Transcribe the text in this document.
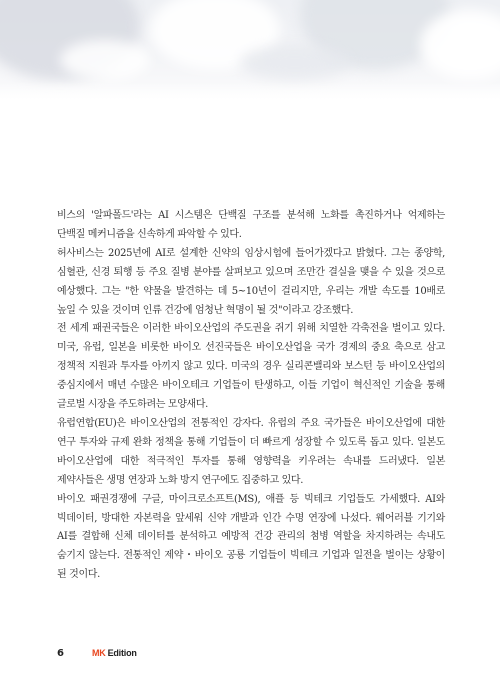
비스의 '알파폴드'라는 AI 시스템은 단백질 구조를 분석해 노화를 촉진하거나 억제하는 단백질 메커니즘을 신속하게 파악할 수 있다.

허사비스는 2025년에 AI로 설계한 신약의 임상시험에 들어가겠다고 밝혔다. 그는 종양학, 심혈관, 신경 퇴행 등 주요 질병 분야를 살펴보고 있으며 조만간 결실을 맺을 수 있을 것으로 예상했다. 그는 "한 약물을 발견하는 데 5~10년이 걸리지만, 우리는 개발 속도를 10배로 높일 수 있을 것이며 인류 건강에 엄청난 혁명이 될 것"이라고 강조했다.

전 세계 패권국들은 이러한 바이오산업의 주도권을 쥐기 위해 치열한 각축전을 벌이고 있다. 미국, 유럽, 일본을 비롯한 바이오 선진국들은 바이오산업을 국가 경제의 중요 축으로 삼고 정책적 지원과 투자를 아끼지 않고 있다. 미국의 경우 실리콘밸리와 보스턴 등 바이오산업의 중심지에서 매년 수많은 바이오테크 기업들이 탄생하고, 이들 기업이 혁신적인 기술을 통해 글로벌 시장을 주도하려는 모양새다.

유럽연합(EU)은 바이오산업의 전통적인 강자다. 유럽의 주요 국가들은 바이오산업에 대한 연구 투자와 규제 완화 정책을 통해 기업들이 더 빠르게 성장할 수 있도록 돕고 있다. 일본도 바이오산업에 대한 적극적인 투자를 통해 영향력을 키우려는 속내를 드러냈다. 일본 제약사들은 생명 연장과 노화 방지 연구에도 집중하고 있다.

바이오 패권경쟁에 구글, 마이크로소프트(MS), 애플 등 빅테크 기업들도 가세했다. AI와 빅데이터, 방대한 자본력을 앞세워 신약 개발과 인간 수명 연장에 나섰다. 웨어러블 기기와 AI를 결합해 신체 데이터를 분석하고 예방적 건강 관리의 첨병 역할을 차지하려는 속내도 숨기지 않는다. 전통적인 제약・바이오 공룡 기업들이 빅테크 기업과 일전을 벌이는 상황이 된 것이다.

6	MK Edition
